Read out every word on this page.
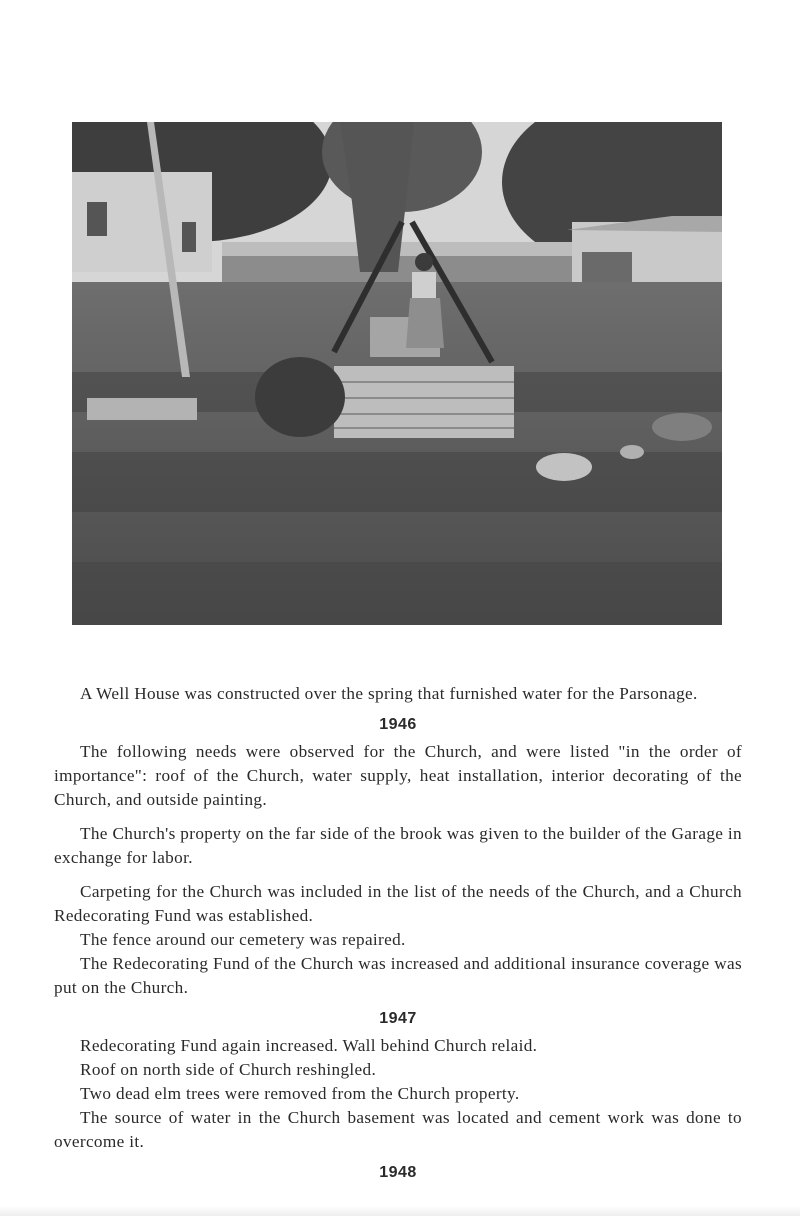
A Well House was constructed over the spring that furnished water for the Parsonage.

1946

The following needs were observed for the Church, and were listed "in the order of importance": roof of the Church, water supply, heat installation, interior decorating of the Church, and outside painting.

The Church's property on the far side of the brook was given to the builder of the Garage in exchange for labor.

Carpeting for the Church was included in the list of the needs of the Church, and a Church Redecorating Fund was established.

The fence around our cemetery was repaired.

The Redecorating Fund of the Church was increased and additional insurance coverage was put on the Church.

1947

Redecorating Fund again increased. Wall behind Church relaid.

Roof on north side of Church reshingled.

Two dead elm trees were removed from the Church property.

The source of water in the Church basement was located and cement work was done to overcome it.

1948
